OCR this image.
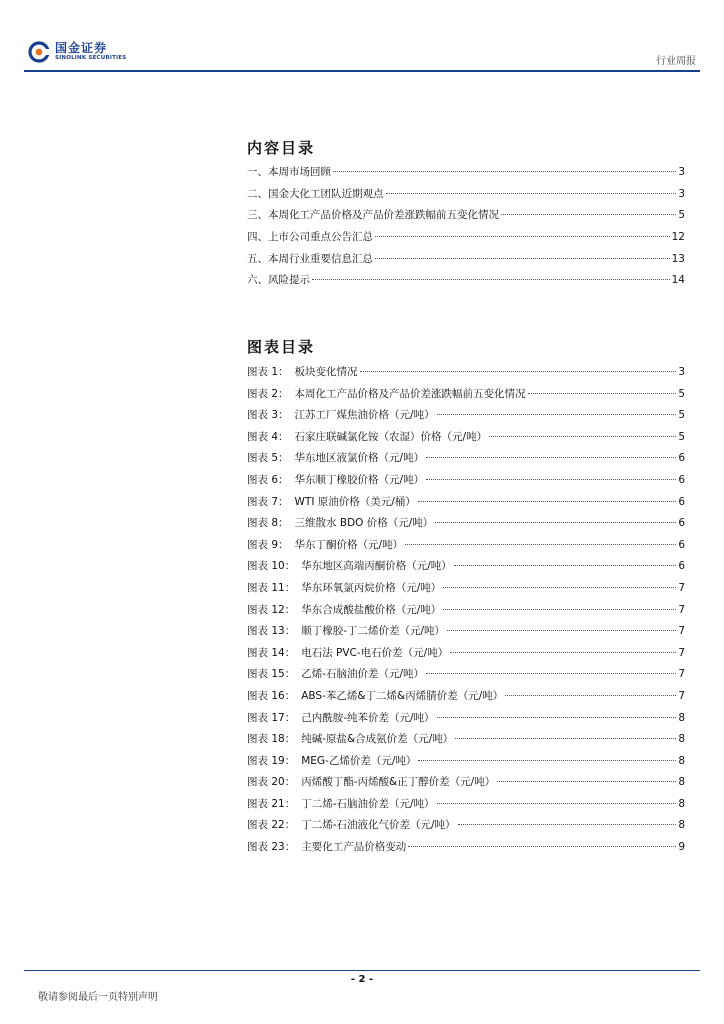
国金证券
SINOLINK SECURITIES	行业周报
内容目录
一、本周市场回顾	3
二、国金大化工团队近期观点	3
三、本周化工产品价格及产品价差涨跌幅前五变化情况	5
四、上市公司重点公告汇总	12
五、本周行业重要信息汇总	13
六、风险提示	14
图表目录
图表 1： 板块变化情况	3
图表 2： 本周化工产品价格及产品价差涨跌幅前五变化情况	5
图表 3： 江苏工厂煤焦油价格（元/吨）	5
图表 4： 石家庄联碱氯化铵（农湿）价格（元/吨）	5
图表 5： 华东地区液氯价格（元/吨）	6
图表 6： 华东顺丁橡胶价格（元/吨）	6
图表 7： WTI 原油价格（美元/桶）	6
图表 8： 三维散水 BDO 价格（元/吨）	6
图表 9： 华东丁酮价格（元/吨）	6
图表 10： 华东地区高端丙酮价格（元/吨）	6
图表 11： 华东环氧氯丙烷价格（元/吨）	7
图表 12： 华东合成酸盐酸价格（元/吨）	7
图表 13： 顺丁橡胶-丁二烯价差（元/吨）	7
图表 14： 电石法 PVC-电石价差（元/吨）	7
图表 15： 乙烯-石脑油价差（元/吨）	7
图表 16： ABS-苯乙烯&丁二烯&丙烯腈价差（元/吨）	7
图表 17： 己内酰胺-纯苯价差（元/吨）	8
图表 18： 纯碱-原盐&合成氨价差（元/吨）	8
图表 19： MEG-乙烯价差（元/吨）	8
图表 20： 丙烯酸丁酯-丙烯酸&正丁醇价差（元/吨）	8
图表 21： 丁二烯-石脑油价差（元/吨）	8
图表 22： 丁二烯-石油液化气价差（元/吨）	8
图表 23： 主要化工产品价格变动	9
- 2 -
敬请参阅最后一页特别声明
